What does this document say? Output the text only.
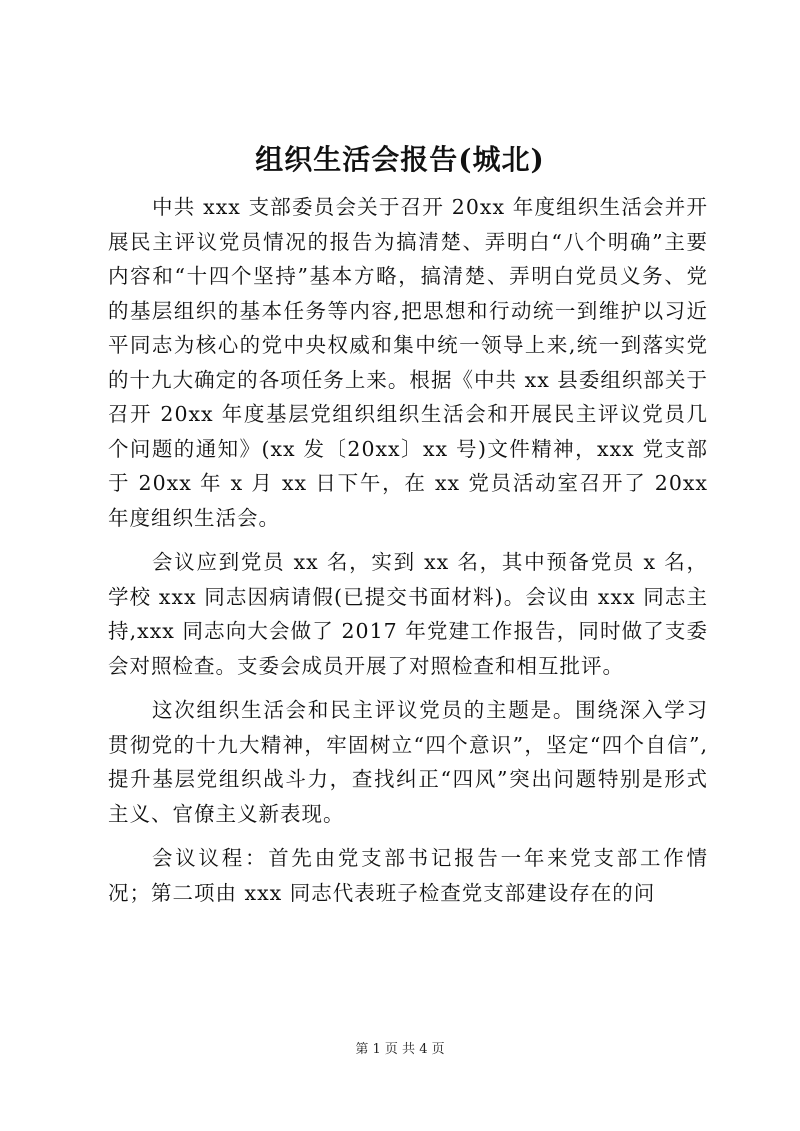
组织生活会报告(城北)

中共 xxx 支部委员会关于召开 20xx 年度组织生活会并开展民主评议党员情况的报告为搞清楚、弄明白“八个明确”主要内容和“十四个坚持”基本方略，搞清楚、弄明白党员义务、党的基层组织的基本任务等内容,把思想和行动统一到维护以习近平同志为核心的党中央权威和集中统一领导上来,统一到落实党的十九大确定的各项任务上来。根据《中共 xx 县委组织部关于召开 20xx 年度基层党组织组织生活会和开展民主评议党员几个问题的通知》(xx 发〔20xx〕xx 号)文件精神，xxx 党支部于 20xx 年 x 月 xx 日下午，在 xx 党员活动室召开了 20xx 年度组织生活会。

会议应到党员 xx 名，实到 xx 名，其中预备党员 x 名，学校 xxx 同志因病请假(已提交书面材料)。会议由 xxx 同志主持,xxx 同志向大会做了 2017 年党建工作报告，同时做了支委会对照检查。支委会成员开展了对照检查和相互批评。

这次组织生活会和民主评议党员的主题是。围绕深入学习贯彻党的十九大精神，牢固树立“四个意识”，坚定“四个自信”,提升基层党组织战斗力，查找纠正“四风”突出问题特别是形式主义、官僚主义新表现。

会议议程：首先由党支部书记报告一年来党支部工作情况；第二项由 xxx 同志代表班子检查党支部建设存在的问

第 1 页 共 4 页
